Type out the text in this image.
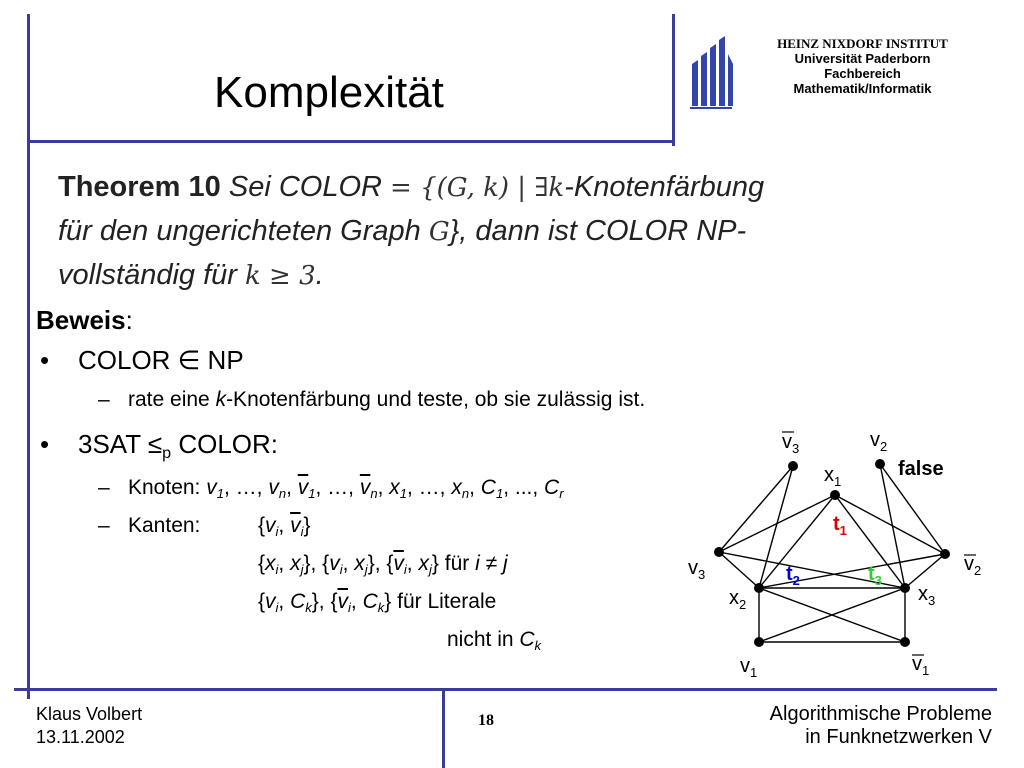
HEINZ NIXDORF INSTITUT
Universität Paderborn
Fachbereich
Mathematik/Informatik
Komplexität
Theorem 10 Sei COLOR = {(G, k) | ∃k-Knotenfärbung
für den ungerichteten Graph G}, dann ist COLOR NP-
vollständig für k ≥ 3.
Beweis:
• COLOR ∈ NP
– rate eine k-Knotenfärbung und teste, ob sie zulässig ist.
• $3SAT \le_p$ COLOR:
– Knoten: $v_1$, …, $v_n$, $\overline{v}_1$, …, $\overline{v}_n$, $x_1$, …, $x_n$, $C_1$, ..., $C_r$
– Kanten:	{$v_i$, $\overline{v}_i$}
{$x_i$, $x_j$}, {$v_i$, $x_j$}, {$\overline{v}_i$, $x_j$} für i ≠ j
{$v_i$, $C_k$}, {$\overline{v}_i$, $C_k$} für Literale
nicht in $C_k$
$v_3$	$v_2$
$x_1$
false
$t_1$
$v_3$	$v_2$
$t_2$	$t_3$
$x_2$	$x_3$
$v_1$	$v_1$
Klaus Volbert
13.11.2002
18	Algorithmische Probleme
in Funknetzwerken V
